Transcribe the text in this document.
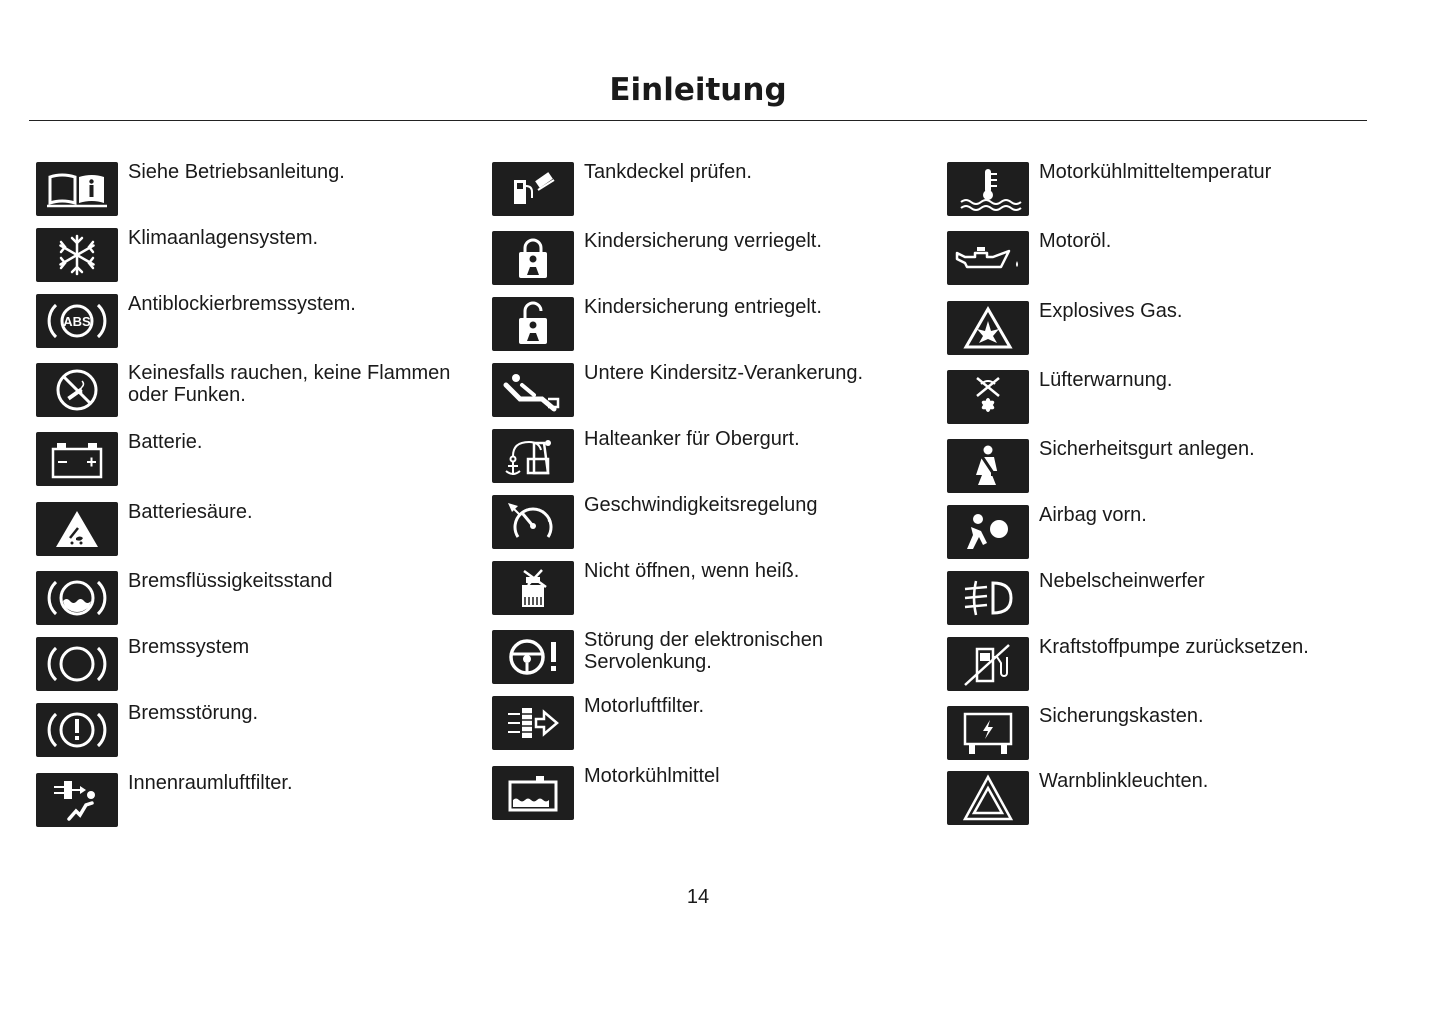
Einleitung
Siehe Betriebsanleitung.
Klimaanlagensystem.
ABS
Antiblockierbremssystem.
Keinesfalls rauchen, keine Flammen oder Funken.
Batterie.
Batteriesäure.
Bremsflüssigkeitsstand
Bremssystem
Bremsstörung.
Innenraumluftfilter.
Tankdeckel prüfen.
Kindersicherung verriegelt.
Kindersicherung entriegelt.
Untere Kindersitz-Verankerung.
Halteanker für Obergurt.
Geschwindigkeitsregelung
Nicht öffnen, wenn heiß.
Störung der elektronischen Servolenkung.
Motorluftfilter.
Motorkühlmittel
Motorkühlmitteltemperatur
Motoröl.
Explosives Gas.
Lüfterwarnung.
Sicherheitsgurt anlegen.
Airbag vorn.
Nebelscheinwerfer
Kraftstoffpumpe zurücksetzen.
Sicherungskasten.
Warnblinkleuchten.
14
